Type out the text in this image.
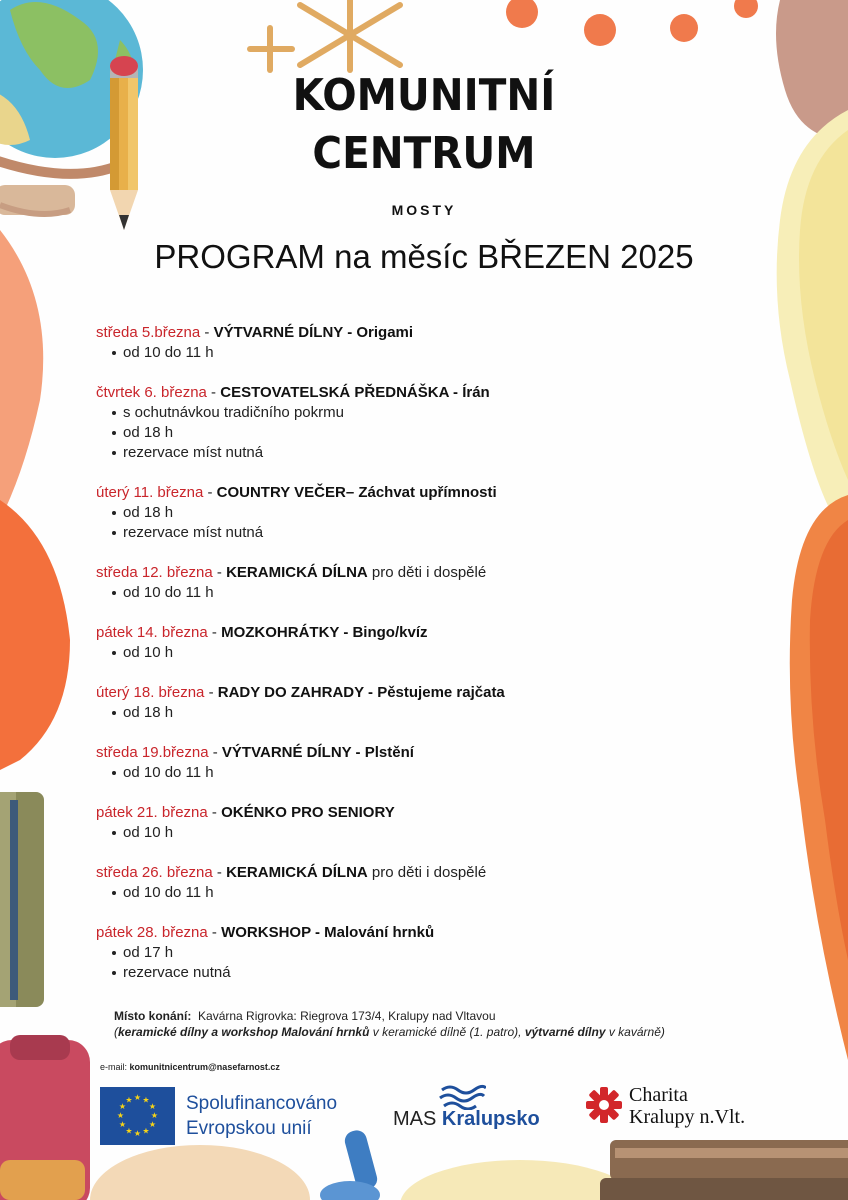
KOMUNITNÍ
CENTRUM
MOSTY
PROGRAM na měsíc BŘEZEN 2025
středa 5.března - VÝTVARNÉ DÍLNY - Origami
od 10 do 11 h
čtvrtek 6. března - CESTOVATELSKÁ PŘEDNÁŠKA - Írán
s ochutnávkou tradičního pokrmu
od 18 h
rezervace míst nutná
úterý 11. března - COUNTRY VEČER– Záchvat upřímnosti
od 18 h
rezervace míst nutná
středa 12. března - KERAMICKÁ DÍLNA pro děti i dospělé
od 10 do 11 h
pátek 14. března - MOZKOHRÁTKY - Bingo/kvíz
od 10 h
úterý 18. března - RADY DO ZAHRADY - Pěstujeme rajčata
od 18 h
středa 19.března - VÝTVARNÉ DÍLNY - Plstění
od 10 do 11 h
pátek 21. března - OKÉNKO PRO SENIORY
od 10 h
středa 26. března - KERAMICKÁ DÍLNA pro děti i dospělé
od 10 do 11 h
pátek 28. března - WORKSHOP - Malování hrnků
od 17 h
rezervace nutná
Místo konání: Kavárna Rigrovka: Riegrova 173/4, Kralupy nad Vltavou
(keramické dílny a workshop Malování hrnků v keramické dílně (1. patro), výtvarné dílny v kavárně)
e-mail: komunitnicentrum@nasefarnost.cz
★ ★
★
★
★
★
★
★
★
★
★
★	Spolufinancováno
Evropskou unií	MAS Kralupsko
Charita
Kralupy n.Vlt.
